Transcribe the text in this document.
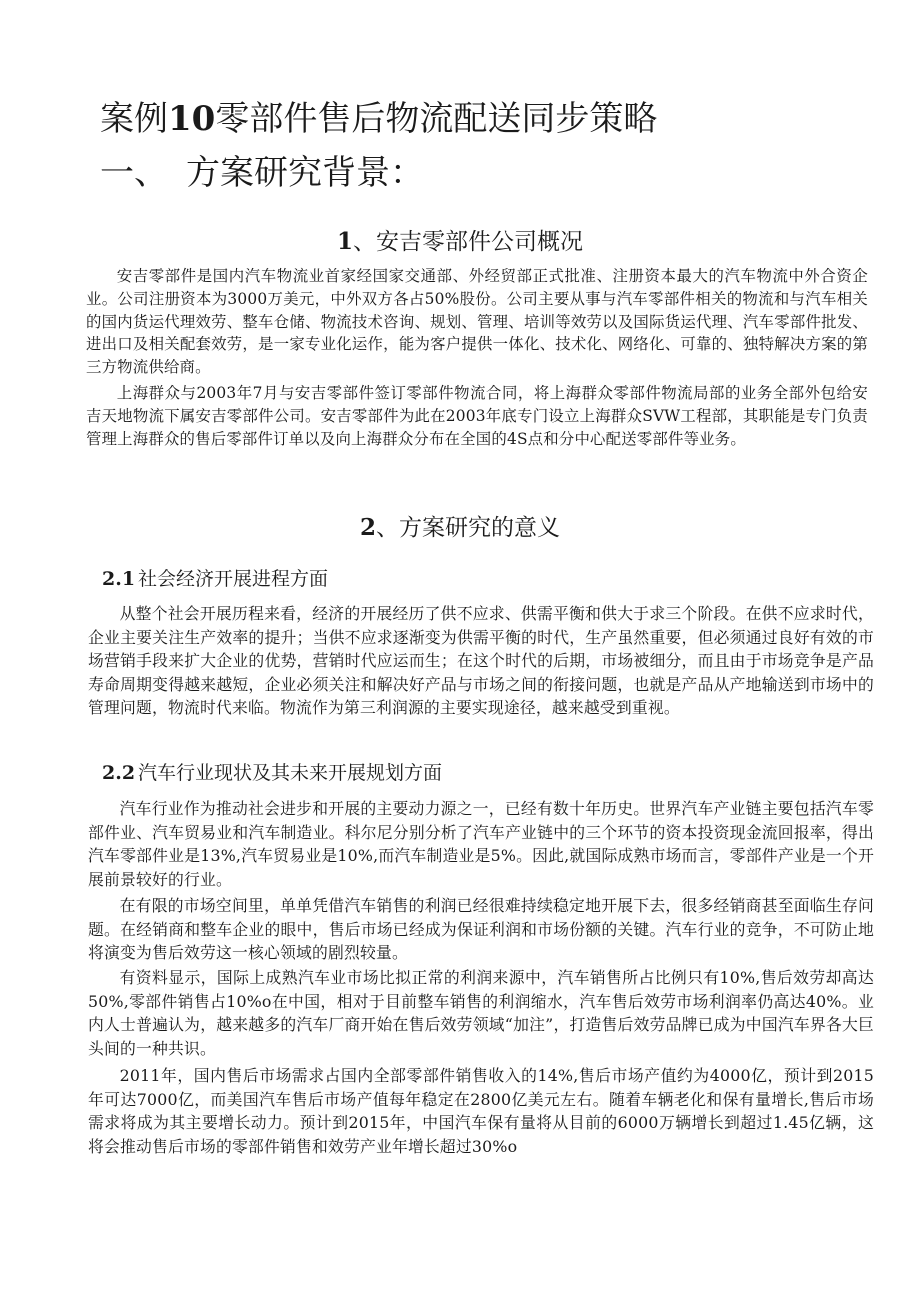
案例10零部件售后物流配送同步策略
一、 方案研究背景：
1、安吉零部件公司概况

安吉零部件是国内汽车物流业首家经国家交通部、外经贸部正式批准、注册资本最大的汽车物流中外合资企业。公司注册资本为3000万美元，中外双方各占50%股份。公司主要从事与汽车零部件相关的物流和与汽车相关的国内货运代理效劳、整车仓储、物流技术咨询、规划、管理、培训等效劳以及国际货运代理、汽车零部件批发、进出口及相关配套效劳，是一家专业化运作，能为客户提供一体化、技术化、网络化、可靠的、独特解决方案的第三方物流供给商。

上海群众与2003年7月与安吉零部件签订零部件物流合同，将上海群众零部件物流局部的业务全部外包给安吉天地物流下属安吉零部件公司。安吉零部件为此在2003年底专门设立上海群众SVW工程部，其职能是专门负责管理上海群众的售后零部件订单以及向上海群众分布在全国的4S点和分中心配送零部件等业务。

2、方案研究的意义
2.1 社会经济开展进程方面

从整个社会开展历程来看，经济的开展经历了供不应求、供需平衡和供大于求三个阶段。在供不应求时代，企业主要关注生产效率的提升；当供不应求逐渐变为供需平衡的时代，生产虽然重要，但必须通过良好有效的市场营销手段来扩大企业的优势，营销时代应运而生；在这个时代的后期，市场被细分，而且由于市场竞争是产品寿命周期变得越来越短，企业必须关注和解决好产品与市场之间的衔接问题，也就是产品从产地输送到市场中的管理问题，物流时代来临。物流作为第三利润源的主要实现途径，越来越受到重视。

2.2 汽车行业现状及其未来开展规划方面

汽车行业作为推动社会进步和开展的主要动力源之一，已经有数十年历史。世界汽车产业链主要包括汽车零部件业、汽车贸易业和汽车制造业。科尔尼分别分析了汽车产业链中的三个环节的资本投资现金流回报率，得出汽车零部件业是13%,汽车贸易业是10%,而汽车制造业是5%。因此,就国际成熟市场而言，零部件产业是一个开展前景较好的行业。

在有限的市场空间里，单单凭借汽车销售的利润已经很难持续稳定地开展下去，很多经销商甚至面临生存问题。在经销商和整车企业的眼中，售后市场已经成为保证利润和市场份额的关键。汽车行业的竞争，不可防止地将演变为售后效劳这一核心领域的剧烈较量。

有资料显示，国际上成熟汽车业市场比拟正常的利润来源中，汽车销售所占比例只有10%,售后效劳却高达50%,零部件销售占10%o在中国，相对于目前整车销售的利润缩水，汽车售后效劳市场利润率仍高达40%。业内人士普遍认为，越来越多的汽车厂商开始在售后效劳领域“加注”，打造售后效劳品牌已成为中国汽车界各大巨头间的一种共识。

2011年，国内售后市场需求占国内全部零部件销售收入的14%,售后市场产值约为4000亿，预计到2015年可达7000亿，而美国汽车售后市场产值每年稳定在2800亿美元左右。随着车辆老化和保有量增长,售后市场需求将成为其主要增长动力。预计到2015年，中国汽车保有量将从目前的6000万辆增长到超过1.45亿辆，这将会推动售后市场的零部件销售和效劳产业年增长超过30%o
